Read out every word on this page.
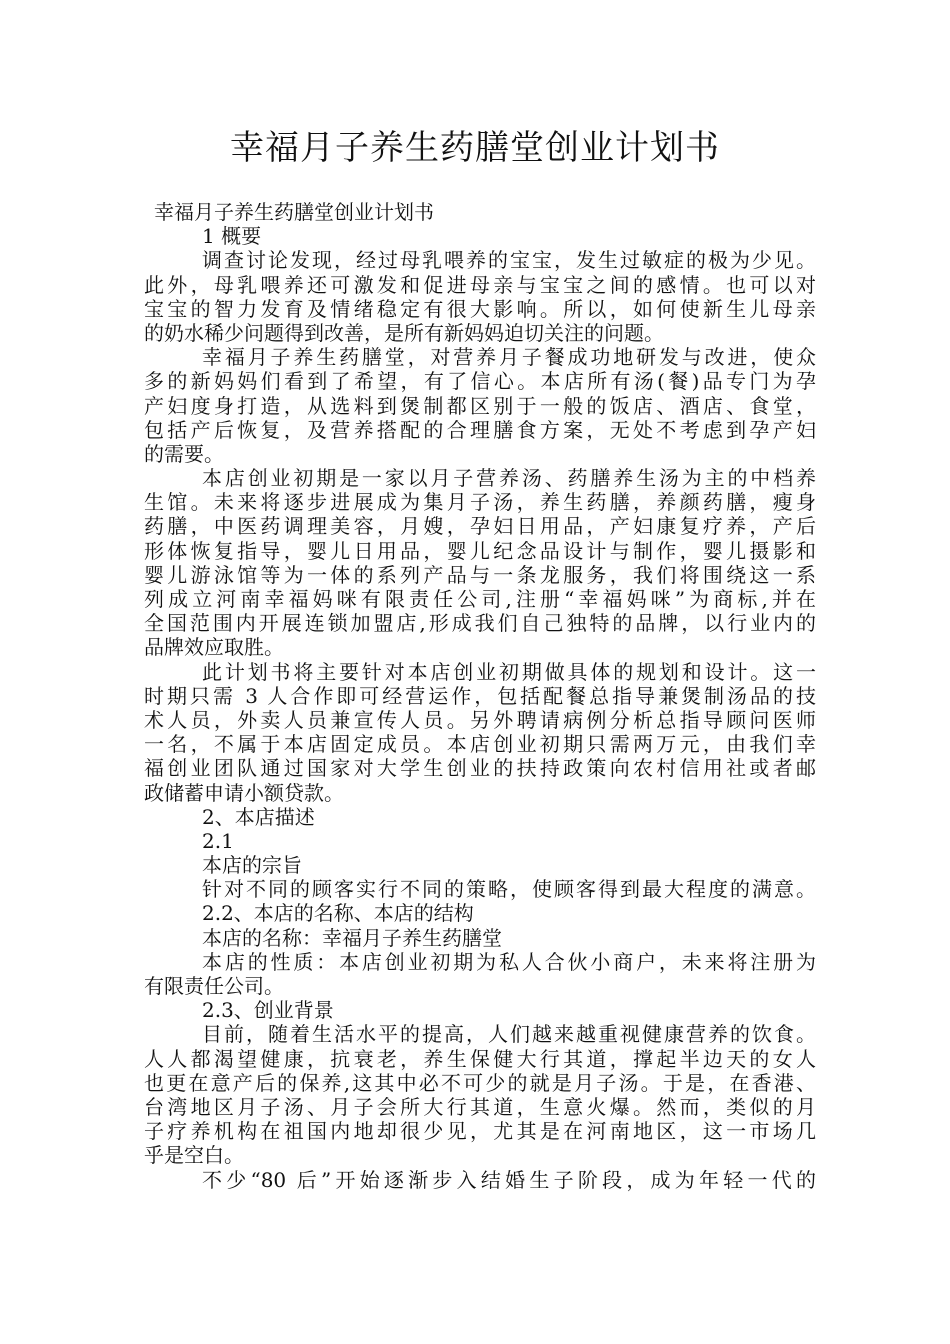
幸福月子养生药膳堂创业计划书
幸福月子养生药膳堂创业计划书
1 概要
调查讨论发现，经过母乳喂养的宝宝，发生过敏症的极为少见。
此外，母乳喂养还可激发和促进母亲与宝宝之间的感情。也可以对
宝宝的智力发育及情绪稳定有很大影响。所以，如何使新生儿母亲
的奶水稀少问题得到改善，是所有新妈妈迫切关注的问题。
幸福月子养生药膳堂，对营养月子餐成功地研发与改进，使众
多的新妈妈们看到了希望，有了信心。本店所有汤(餐)品专门为孕
产妇度身打造，从选料到煲制都区别于一般的饭店、酒店、食堂，
包括产后恢复，及营养搭配的合理膳食方案，无处不考虑到孕产妇
的需要。
本店创业初期是一家以月子营养汤、药膳养生汤为主的中档养
生馆。未来将逐步进展成为集月子汤，养生药膳，养颜药膳，瘦身
药膳，中医药调理美容，月嫂，孕妇日用品，产妇康复疗养，产后
形体恢复指导，婴儿日用品，婴儿纪念品设计与制作，婴儿摄影和
婴儿游泳馆等为一体的系列产品与一条龙服务，我们将围绕这一系
列成立河南幸福妈咪有限责任公司,注册“幸福妈咪”为商标,并在
全国范围内开展连锁加盟店,形成我们自己独特的品牌，以行业内的
品牌效应取胜。
此计划书将主要针对本店创业初期做具体的规划和设计。这一
时期只需 3 人合作即可经营运作，包括配餐总指导兼煲制汤品的技
术人员，外卖人员兼宣传人员。另外聘请病例分析总指导顾问医师
一名，不属于本店固定成员。本店创业初期只需两万元，由我们幸
福创业团队通过国家对大学生创业的扶持政策向农村信用社或者邮
政储蓄申请小额贷款。
2、本店描述
2.1
本店的宗旨
针对不同的顾客实行不同的策略，使顾客得到最大程度的满意。
2.2、本店的名称、本店的结构
本店的名称：幸福月子养生药膳堂
本店的性质：本店创业初期为私人合伙小商户，未来将注册为
有限责任公司。
2.3、创业背景
目前，随着生活水平的提高，人们越来越重视健康营养的饮食。
人人都渴望健康，抗衰老，养生保健大行其道，撑起半边天的女人
也更在意产后的保养,这其中必不可少的就是月子汤。于是，在香港、
台湾地区月子汤、月子会所大行其道，生意火爆。然而，类似的月
子疗养机构在祖国内地却很少见，尤其是在河南地区，这一市场几
乎是空白。
不少“80 后”开始逐渐步入结婚生子阶段，成为年轻一代的
